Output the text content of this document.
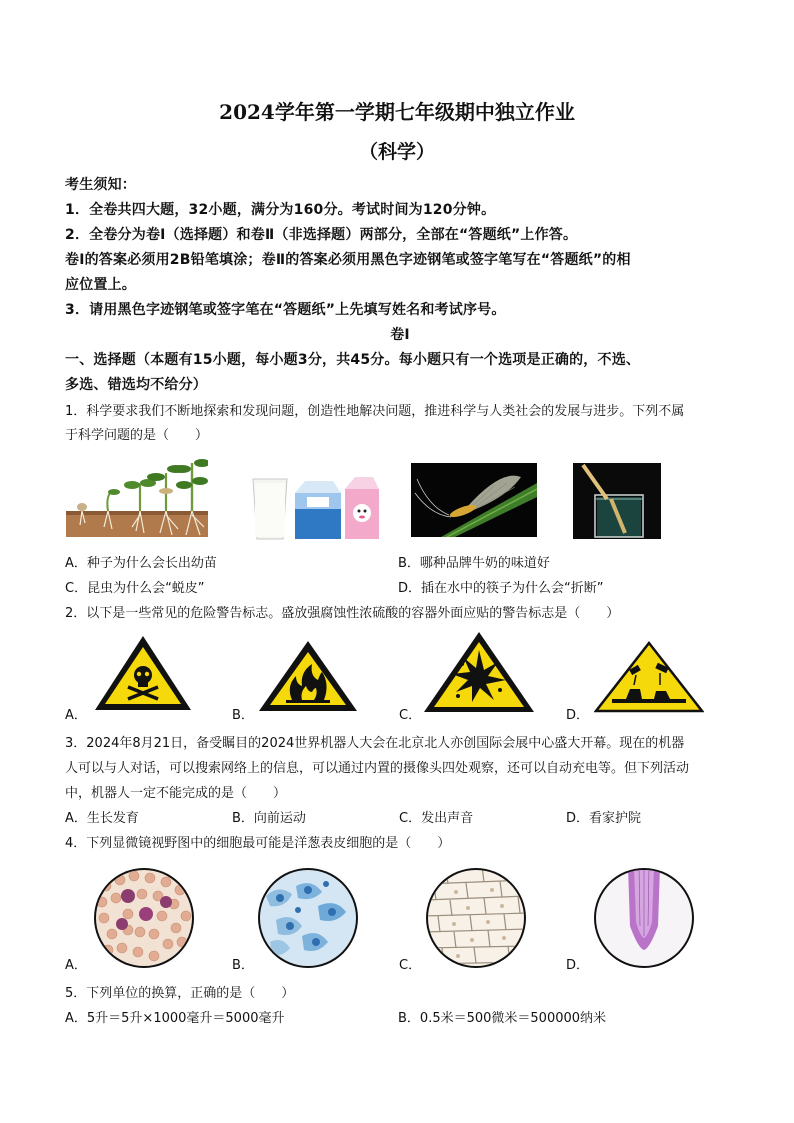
2024学年第一学期七年级期中独立作业
（科学）
考生须知：
1．全卷共四大题，32小题，满分为160分。考试时间为120分钟。
2．全卷分为卷Ⅰ（选择题）和卷Ⅱ（非选择题）两部分，全部在“答题纸”上作答。
卷Ⅰ的答案必须用2B铅笔填涂；卷Ⅱ的答案必须用黑色字迹钢笔或签字笔写在“答题纸”的相
应位置上。
3．请用黑色字迹钢笔或签字笔在“答题纸”上先填写姓名和考试序号。
卷Ⅰ
一、选择题（本题有15小题，每小题3分，共45分。每小题只有一个选项是正确的，不选、
多选、错选均不给分）
1．科学要求我们不断地探索和发现问题，创造性地解决问题，推进科学与人类社会的发展与进步。下列不属
于科学问题的是（　　）
A．种子为什么会长出幼苗	B．哪种品牌牛奶的味道好
C．昆虫为什么会“蜕皮”	D．插在水中的筷子为什么会“折断”
2．以下是一些常见的危险警告标志。盛放强腐蚀性浓硫酸的容器外面应贴的警告标志是（　　）
A．	B．	C．	D．
3．2024年8月21日，备受瞩目的2024世界机器人大会在北京北人亦创国际会展中心盛大开幕。现在的机器
人可以与人对话，可以搜索网络上的信息，可以通过内置的摄像头四处观察，还可以自动充电等。但下列活动
中，机器人一定不能完成的是（　　）
A．生长发育	B．向前运动	C．发出声音	D．看家护院
4．下列显微镜视野图中的细胞最可能是洋葱表皮细胞的是（　　）
A．	B．	C．	D．
5．下列单位的换算，正确的是（　　）
A．5升＝5升×1000毫升＝5000毫升	B．0.5米＝500微米＝500000纳米
